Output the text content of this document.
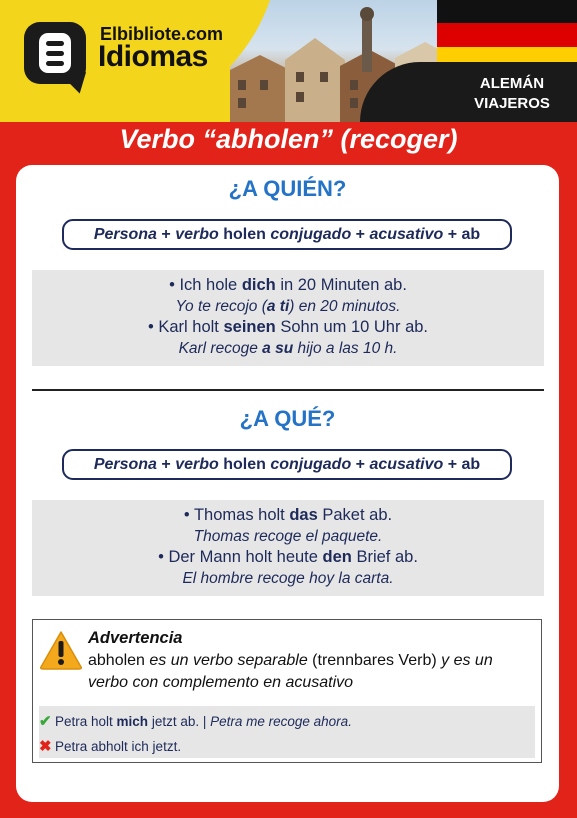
ALEMÁN
VIAJEROS
Elbibliote.com
Idiomas
Verbo “abholen” (recoger)
¿A QUIÉN?
Persona + verbo holen conjugado + acusativo + ab
• Ich hole dich in 20 Minuten ab.
Yo te recojo (a ti) en 20 minutos.
• Karl holt seinen Sohn um 10 Uhr ab.
Karl recoge a su hijo a las 10 h.
¿A QUÉ?
Persona + verbo holen conjugado + acusativo + ab
• Thomas holt das Paket ab.
Thomas recoge el paquete.
• Der Mann holt heute den Brief ab.
El hombre recoge hoy la carta.
Advertencia
abholen es un verbo separable (trennbares Verb) y es un verbo con complemento en acusativo
✔ Petra holt mich jetzt ab. | Petra me recoge ahora.
✖ Petra abholt ich jetzt.
